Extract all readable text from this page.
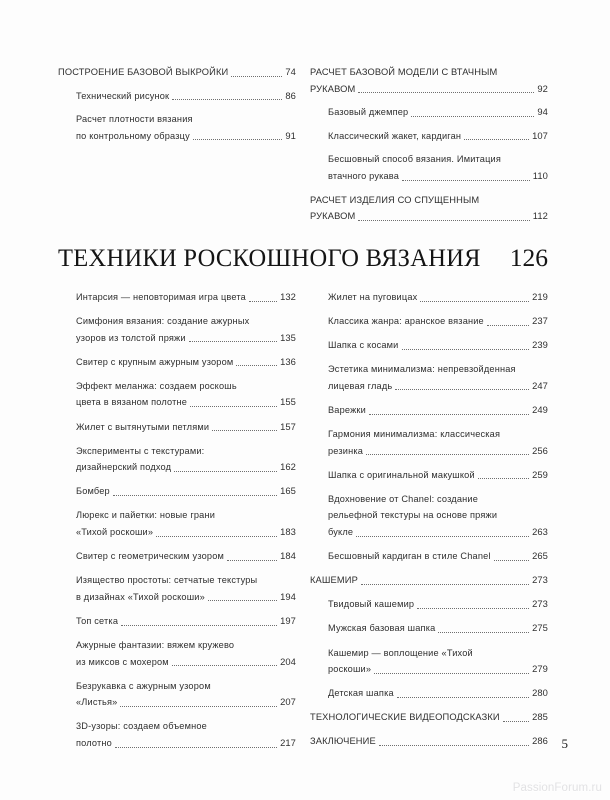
ПОСТРОЕНИЕ БАЗОВОЙ ВЫКРОЙКИ	74
Технический рисунок	86
Расчет плотности вязания
по контрольному образцу	91
РАСЧЕТ БАЗОВОЙ МОДЕЛИ С ВТАЧНЫМ
РУКАВОМ	92
Базовый джемпер	94
Классический жакет, кардиган	107
Бесшовный способ вязания. Имитация
втачного рукава	110
РАСЧЕТ ИЗДЕЛИЯ СО СПУЩЕННЫМ
РУКАВОМ	112
ТЕХНИКИ РОСКОШНОГО ВЯЗАНИЯ 126
Интарсия — неповторимая игра цвета	132
Симфония вязания: создание ажурных
узоров из толстой пряжи	135
Свитер с крупным ажурным узором	136
Эффект меланжа: создаем роскошь
цвета в вязаном полотне	155
Жилет с вытянутыми петлями	157
Эксперименты с текстурами:
дизайнерский подход	162
Бомбер	165
Люрекс и пайетки: новые грани
«Тихой роскоши»	183
Свитер с геометрическим узором	184
Изящество простоты: сетчатые текстуры
в дизайнах «Тихой роскоши»	194
Топ сетка	197
Ажурные фантазии: вяжем кружево
из миксов с мохером	204
Безрукавка с ажурным узором
«Листья»	207
3D-узоры: создаем объемное
полотно	217
Жилет на пуговицах	219
Классика жанра: аранское вязание	237
Шапка с косами	239
Эстетика минимализма: непревзойденная
лицевая гладь	247
Варежки	249
Гармония минимализма: классическая
резинка	256
Шапка с оригинальной макушкой	259
Вдохновение от Chanel: создание
рельефной текстуры на основе пряжи
букле	263
Бесшовный кардиган в стиле Chanel	265
КАШЕМИР	273
Твидовый кашемир	273
Мужская базовая шапка	275
Кашемир — воплощение «Тихой
роскоши»	279
Детская шапка	280
ТЕХНОЛОГИЧЕСКИЕ ВИДЕОПОДСКАЗКИ	285
ЗАКЛЮЧЕНИЕ	286	5
PassionForum.ru
